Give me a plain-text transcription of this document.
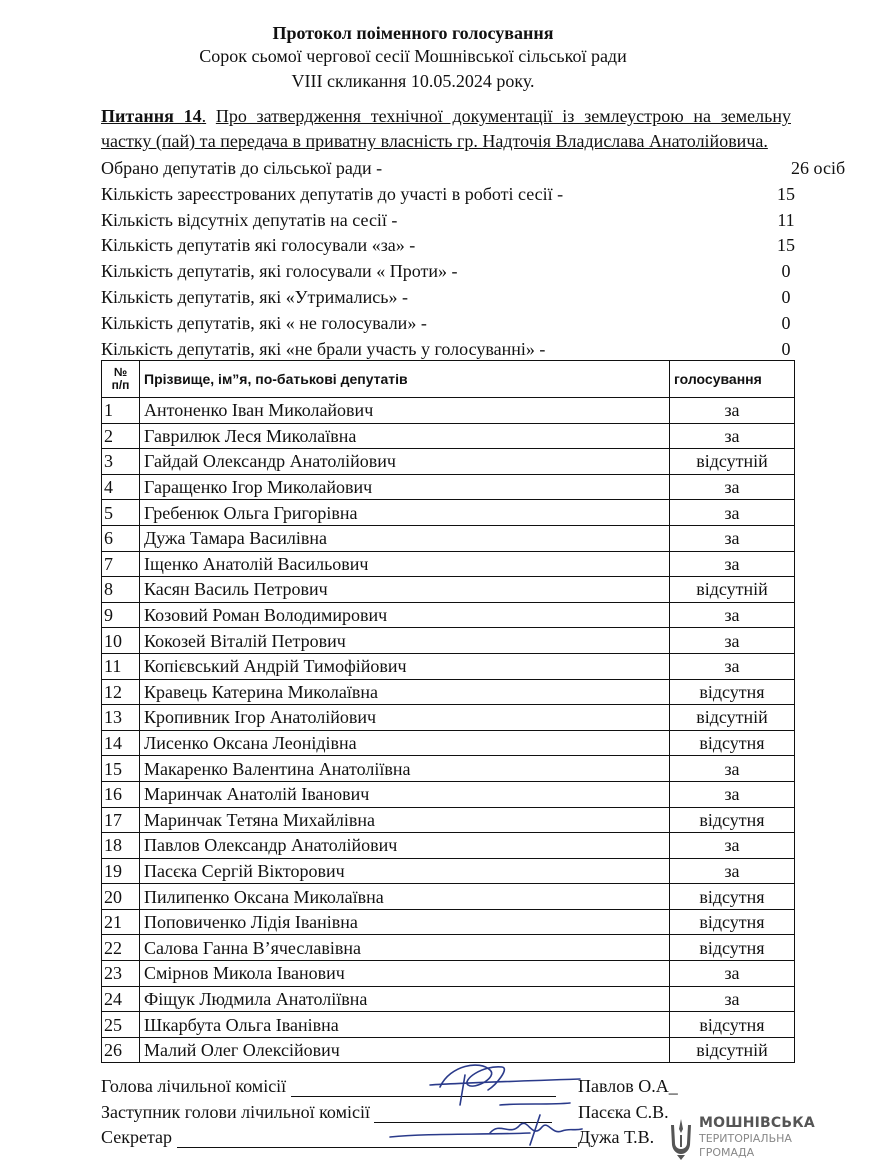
Протокол поіменного голосування
Сорок сьомої чергової сесії Мошнівської сільської ради
VIII скликання 10.05.2024 року.
Питання 14. Про затвердження технічної документації із землеустрою на земельну частку (пай) та передача в приватну власність гр. Надточія Владислава Анатолійовича.
Обрано депутатів до сільської ради -	26 осіб
Кількість зареєстрованих депутатів до участі в роботі сесії -	15
Кількість відсутніх депутатів на сесії -	11
Кількість депутатів які голосували «за» -	15
Кількість депутатів, які голосували « Проти» -	0
Кількість депутатів, які «Утримались» -	0
Кількість депутатів, які « не голосували» -	0
Кількість депутатів, які «не брали участь у голосуванні» -	0
№
п/п	Прізвище, ім”я, по-батькові депутатів	голосування
1	Антоненко Іван Миколайович	за
2	Гаврилюк Леся Миколаївна	за
3	Гайдай Олександр Анатолійович	відсутній
4	Гаращенко Ігор Миколайович	за
5	Гребенюк Ольга Григорівна	за
6	Дужа Тамара Василівна	за
7	Іщенко Анатолій Васильович	за
8	Касян Василь Петрович	відсутній
9	Козовий Роман Володимирович	за
10	Кокозей Віталій Петрович	за
11	Копієвський Андрій Тимофійович	за
12	Кравець Катерина Миколаївна	відсутня
13	Кропивник Ігор Анатолійович	відсутній
14	Лисенко Оксана Леонідівна	відсутня
15	Макаренко Валентина Анатоліївна	за
16	Маринчак Анатолій Іванович	за
17	Маринчак Тетяна Михайлівна	відсутня
18	Павлов Олександр Анатолійович	за
19	Пасєка Сергій Вікторович	за
20	Пилипенко Оксана Миколаївна	відсутня
21	Поповиченко Лідія Іванівна	відсутня
22	Салова Ганна В’ячеславівна	відсутня
23	Смірнов Микола Іванович	за
24	Фіщук Людмила Анатоліївна	за
25	Шкарбута Ольга Іванівна	відсутня
26	Малий Олег Олексійович	відсутній
Голова лічильної комісії	Павлов О.А_
Заступник голови лічильної комісії	Пасєка С.В.
Секретар	Дужа Т.В.
МОШНІВСЬКА
ТЕРИТОРІАЛЬНА
ГРОМАДА
